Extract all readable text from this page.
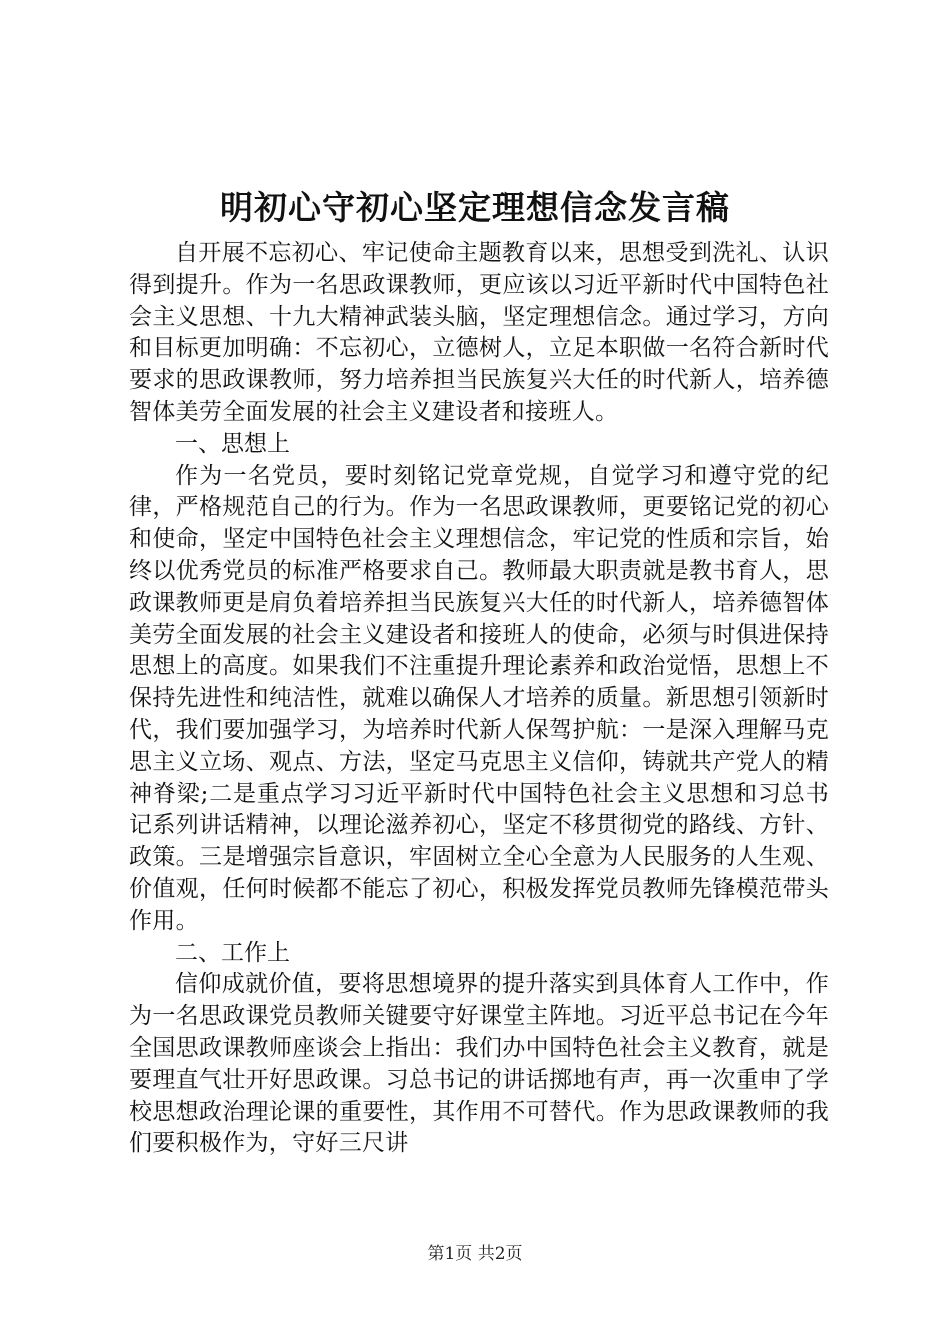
明初心守初心坚定理想信念发言稿

自开展不忘初心、牢记使命主题教育以来，思想受到洗礼、认识得到提升。作为一名思政课教师，更应该以习近平新时代中国特色社会主义思想、十九大精神武装头脑，坚定理想信念。通过学习，方向和目标更加明确：不忘初心，立德树人，立足本职做一名符合新时代要求的思政课教师，努力培养担当民族复兴大任的时代新人，培养德智体美劳全面发展的社会主义建设者和接班人。

一、思想上

作为一名党员，要时刻铭记党章党规，自觉学习和遵守党的纪律，严格规范自己的行为。作为一名思政课教师，更要铭记党的初心和使命，坚定中国特色社会主义理想信念，牢记党的性质和宗旨，始终以优秀党员的标准严格要求自己。教师最大职责就是教书育人，思政课教师更是肩负着培养担当民族复兴大任的时代新人，培养德智体美劳全面发展的社会主义建设者和接班人的使命，必须与时俱进保持思想上的高度。如果我们不注重提升理论素养和政治觉悟，思想上不保持先进性和纯洁性，就难以确保人才培养的质量。新思想引领新时代，我们要加强学习，为培养时代新人保驾护航：一是深入理解马克思主义立场、观点、方法，坚定马克思主义信仰，铸就共产党人的精神脊梁;二是重点学习习近平新时代中国特色社会主义思想和习总书记系列讲话精神，以理论滋养初心，坚定不移贯彻党的路线、方针、政策。三是增强宗旨意识，牢固树立全心全意为人民服务的人生观、价值观，任何时候都不能忘了初心，积极发挥党员教师先锋模范带头作用。

二、工作上

信仰成就价值，要将思想境界的提升落实到具体育人工作中，作为一名思政课党员教师关键要守好课堂主阵地。习近平总书记在今年全国思政课教师座谈会上指出：我们办中国特色社会主义教育，就是要理直气壮开好思政课。习总书记的讲话掷地有声，再一次重申了学校思想政治理论课的重要性，其作用不可替代。作为思政课教师的我们要积极作为，守好三尺讲

第1页 共2页
